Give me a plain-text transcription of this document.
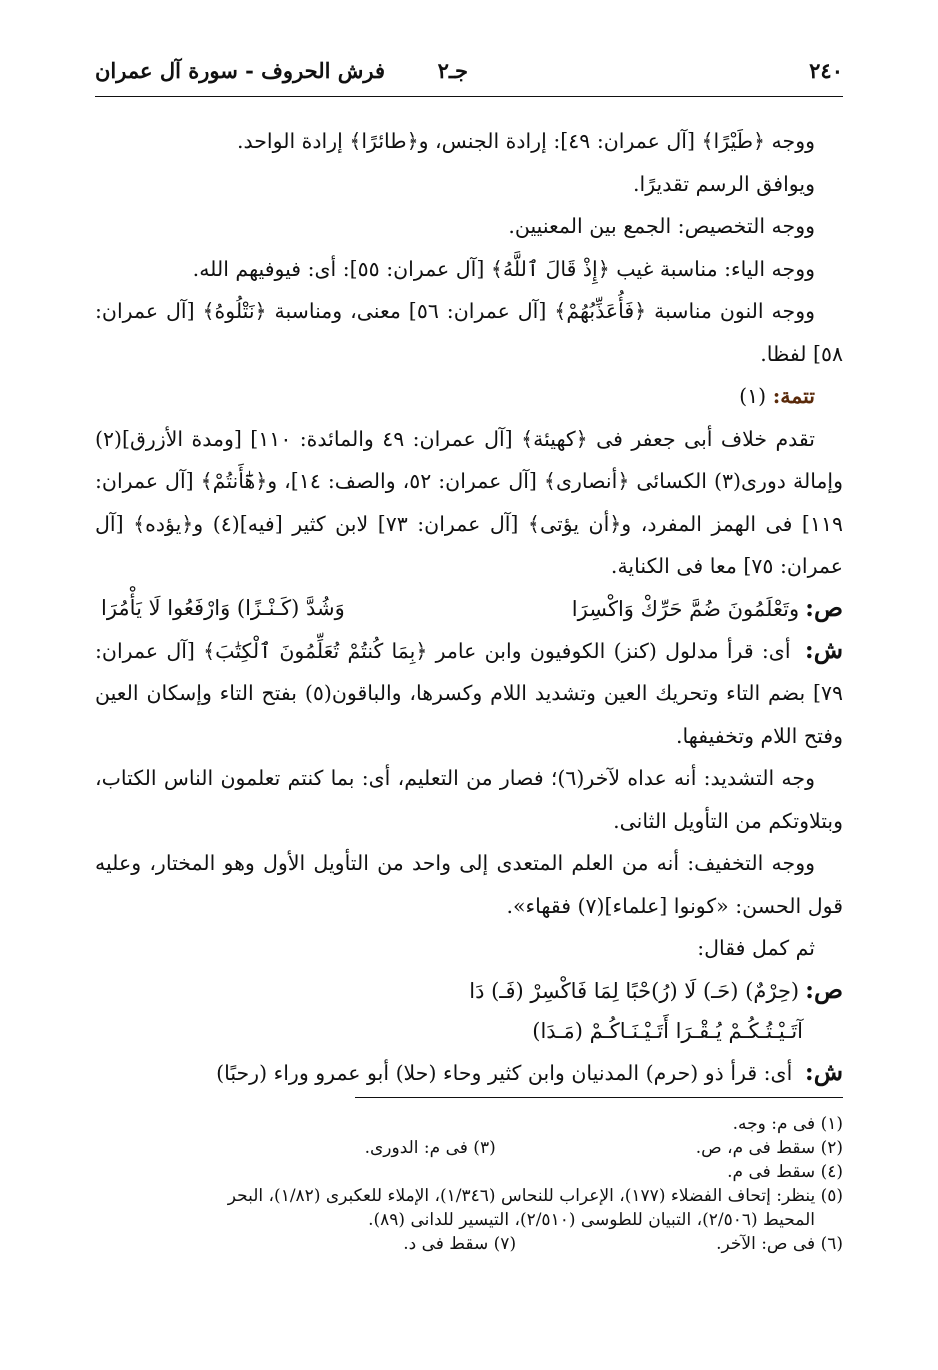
٢٤٠
جـ٢
فرش الحروف - سورة آل عمران

ووجه ﴿طَيْرًا﴾ [آل عمران: ٤٩]: إرادة الجنس، و﴿طائرًا﴾ إرادة الواحد.

ويوافق الرسم تقديرًا.

ووجه التخصيص: الجمع بين المعنيين.

ووجه الياء: مناسبة غيب ﴿إِذْ قَالَ ٱللَّهُ﴾ [آل عمران: ٥٥]: أى: فيوفيهم الله.

ووجه النون مناسبة ﴿فَأُعَذِّبُهُمْ﴾ [آل عمران: ٥٦] معنى، ومناسبة ﴿نَتْلُوهُ﴾ [آل عمران: ٥٨] لفظا.

تتمة: (١)

تقدم خلاف أبى جعفر فى ﴿كهيئة﴾ [آل عمران: ٤٩ والمائدة: ١١٠] [ومدة الأزرق](٢) وإمالة دورى(٣) الكسائى ﴿أنصارى﴾ [آل عمران: ٥٢، والصف: ١٤]، و﴿هَٰٓأَنتُمْ﴾ [آل عمران: ١١٩] فى الهمز المفرد، و﴿أن يؤتى﴾ [آل عمران: ٧٣] لابن كثير [فيه](٤) و﴿يؤده﴾ [آل عمران: ٧٥] معا فى الكناية.

ص:وتَعْلَمُونَ ضُمَّ حَرِّكْ وَاكْسِرَا
وَشُدَّ (كَـنْـزًا) وَارْفَعُوا لَا يَأْمُرَا

ش: أى: قرأ مدلول (كنز) الكوفيون وابن عامر ﴿بِمَا كُنتُمْ تُعَلِّمُونَ ٱلْكِتَٰبَ﴾ [آل عمران: ٧٩] بضم التاء وتحريك العين وتشديد اللام وكسرها، والباقون(٥) بفتح التاء وإسكان العين وفتح اللام وتخفيفها.

وجه التشديد: أنه عداه لآخر(٦)؛ فصار من التعليم، أى: بما كنتم تعلمون الناس الكتاب، وبتلاوتكم من التأويل الثانى.

ووجه التخفيف: أنه من العلم المتعدى إلى واحد من التأويل الأول وهو المختار، وعليه قول الحسن: «كونوا [علماء](٧) فقهاء».

ثم كمل فقال:

ص:(حِرْمٌ) (حَـ) لَا (رُ)حْبًا لِمَا فَاكْسِرْ (فَـ) دَا
آتَـيْـتُـكُـمْ يُـقْـرَا أَتَـيْـنَـاكُـمْ (مَـدَا)

ش: أى: قرأ ذو (حرم) المدنيان وابن كثير وحاء (حلا) أبو عمرو وراء (رحبًا)

(١) فى م: وجه.
(٢) سقط فى م، ص.
(٣) فى م: الدورى.
(٤) سقط فى م.
(٥) ينظر: إتحاف الفضلاء (١٧٧)، الإعراب للنحاس (١/٣٤٦)، الإملاء للعكبرى (١/٨٢)، البحر
المحيط (٢/٥٠٦)، التبيان للطوسى (٢/٥١٠)، التيسير للدانى (٨٩).
(٦) فى ص: الآخر.
(٧) سقط فى د.
